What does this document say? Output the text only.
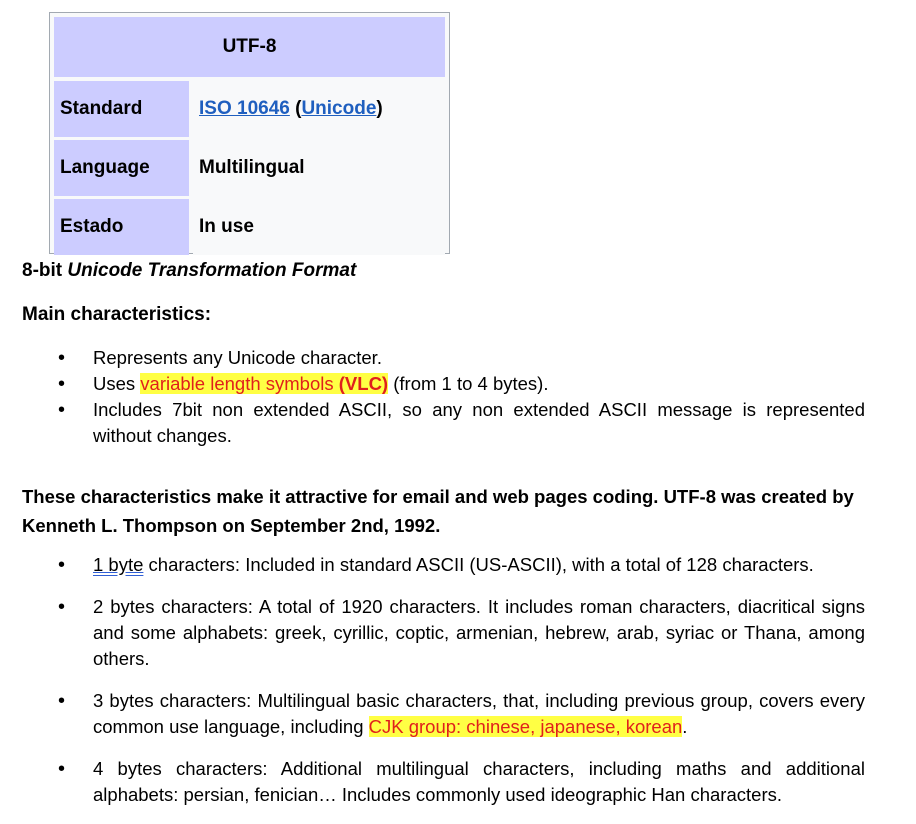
UTF-8
Standard	ISO 10646 ( Unicode )
Language	Multilingual
Estado	In use
8-bit Unicode Transformation Format
Main characteristics:
• Represents any Unicode character.
• Uses variable length symbols (VLC) (from 1 to 4 bytes).
• Includes 7bit non extended ASCII, so any non extended ASCII message is represented without changes.
These characteristics make it attractive for email and web pages coding. UTF-8 was created by Kenneth L. Thompson on September 2nd, 1992.
• 1 byte characters: Included in standard ASCII (US-ASCII), with a total of 128 characters.
• 2 bytes characters: A total of 1920 characters. It includes roman characters, diacritical signs and some alphabets: greek, cyrillic, coptic, armenian, hebrew, arab, syriac or Thana, among others.
• 3 bytes characters: Multilingual basic characters, that, including previous group, covers every common use language, including CJK group: chinese, japanese, korean.
• 4 bytes characters: Additional multilingual characters, including maths and additional alphabets: persian, fenician… Includes commonly used ideographic Han characters.
